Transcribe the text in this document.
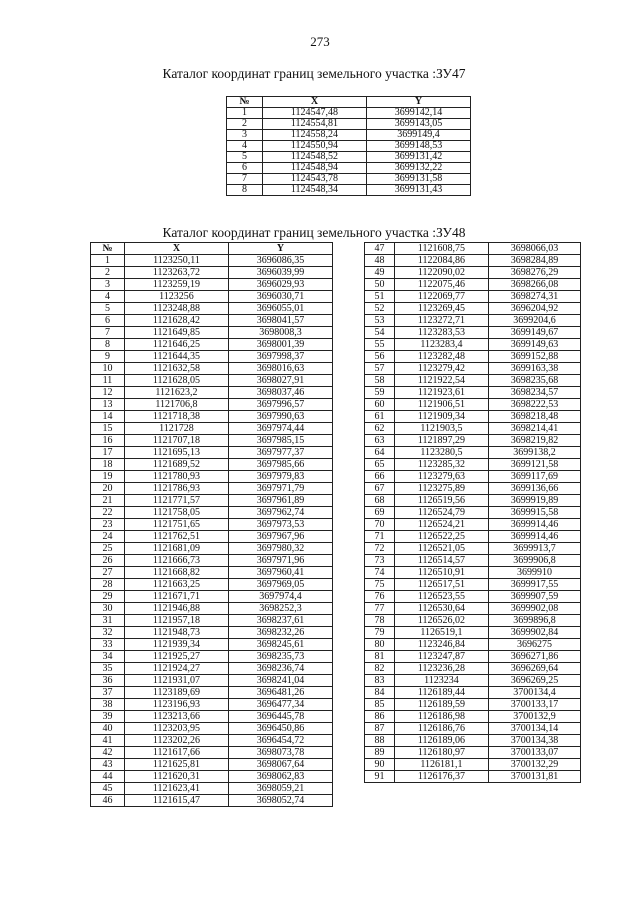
273
Каталог координат границ земельного участка :ЗУ47
№	X	Y
1	1124547,48	3699142,14
2	1124554,81	3699143,05
3	1124558,24	3699149,4
4	1124550,94	3699148,53
5	1124548,52	3699131,42
6	1124548,94	3699132,22
7	1124543,78	3699131,58
8	1124548,34	3699131,43
Каталог координат границ земельного участка :ЗУ48
№	X	Y
1	1123250,11	3696086,35
2	1123263,72	3696039,99
3	1123259,19	3696029,93
4	1123256	3696030,71
5	1123248,88	3696055,01
6	1121628,42	3698041,57
7	1121649,85	3698008,3
8	1121646,25	3698001,39
9	1121644,35	3697998,37
10	1121632,58	3698016,63
11	1121628,05	3698027,91
12	1121623,2	3698037,46
13	1121706,8	3697996,57
14	1121718,38	3697990,63
15	1121728	3697974,44
16	1121707,18	3697985,15
17	1121695,13	3697977,37
18	1121689,52	3697985,66
19	1121780,93	3697979,83
20	1121786,93	3697971,79
21	1121771,57	3697961,89
22	1121758,05	3697962,74
23	1121751,65	3697973,53
24	1121762,51	3697967,96
25	1121681,09	3697980,32
26	1121666,73	3697971,96
27	1121668,82	3697960,41
28	1121663,25	3697969,05
29	1121671,71	3697974,4
30	1121946,88	3698252,3
31	1121957,18	3698237,61
32	1121948,73	3698232,26
33	1121939,34	3698245,61
34	1121925,27	3698235,73
35	1121924,27	3698236,74
36	1121931,07	3698241,04
37	1123189,69	3696481,26
38	1123196,93	3696477,34
39	1123213,66	3696445,78
40	1123203,95	3696450,86
41	1123202,26	3696454,72
42	1121617,66	3698073,78
43	1121625,81	3698067,64
44	1121620,31	3698062,83
45	1121623,41	3698059,21
46	1121615,47	3698052,74
47	1121608,75	3698066,03
48	1122084,86	3698284,89
49	1122090,02	3698276,29
50	1122075,46	3698266,08
51	1122069,77	3698274,31
52	1123269,45	3696204,92
53	1123272,71	3699204,6
54	1123283,53	3699149,67
55	1123283,4	3699149,63
56	1123282,48	3699152,88
57	1123279,42	3699163,38
58	1121922,54	3698235,68
59	1121923,61	3698234,57
60	1121906,51	3698222,53
61	1121909,34	3698218,48
62	1121903,5	3698214,41
63	1121897,29	3698219,82
64	1123280,5	3699138,2
65	1123285,32	3699121,58
66	1123279,63	3699117,69
67	1123275,89	3699136,66
68	1126519,56	3699919,89
69	1126524,79	3699915,58
70	1126524,21	3699914,46
71	1126522,25	3699914,46
72	1126521,05	3699913,7
73	1126514,57	3699906,8
74	1126510,91	3699910
75	1126517,51	3699917,55
76	1126523,55	3699907,59
77	1126530,64	3699902,08
78	1126526,02	3699896,8
79	1126519,1	3699902,84
80	1123246,84	3696275
81	1123247,87	3696271,86
82	1123236,28	3696269,64
83	1123234	3696269,25
84	1126189,44	3700134,4
85	1126189,59	3700133,17
86	1126186,98	3700132,9
87	1126186,76	3700134,14
88	1126189,06	3700134,38
89	1126180,97	3700133,07
90	1126181,1	3700132,29
91	1126176,37	3700131,81
